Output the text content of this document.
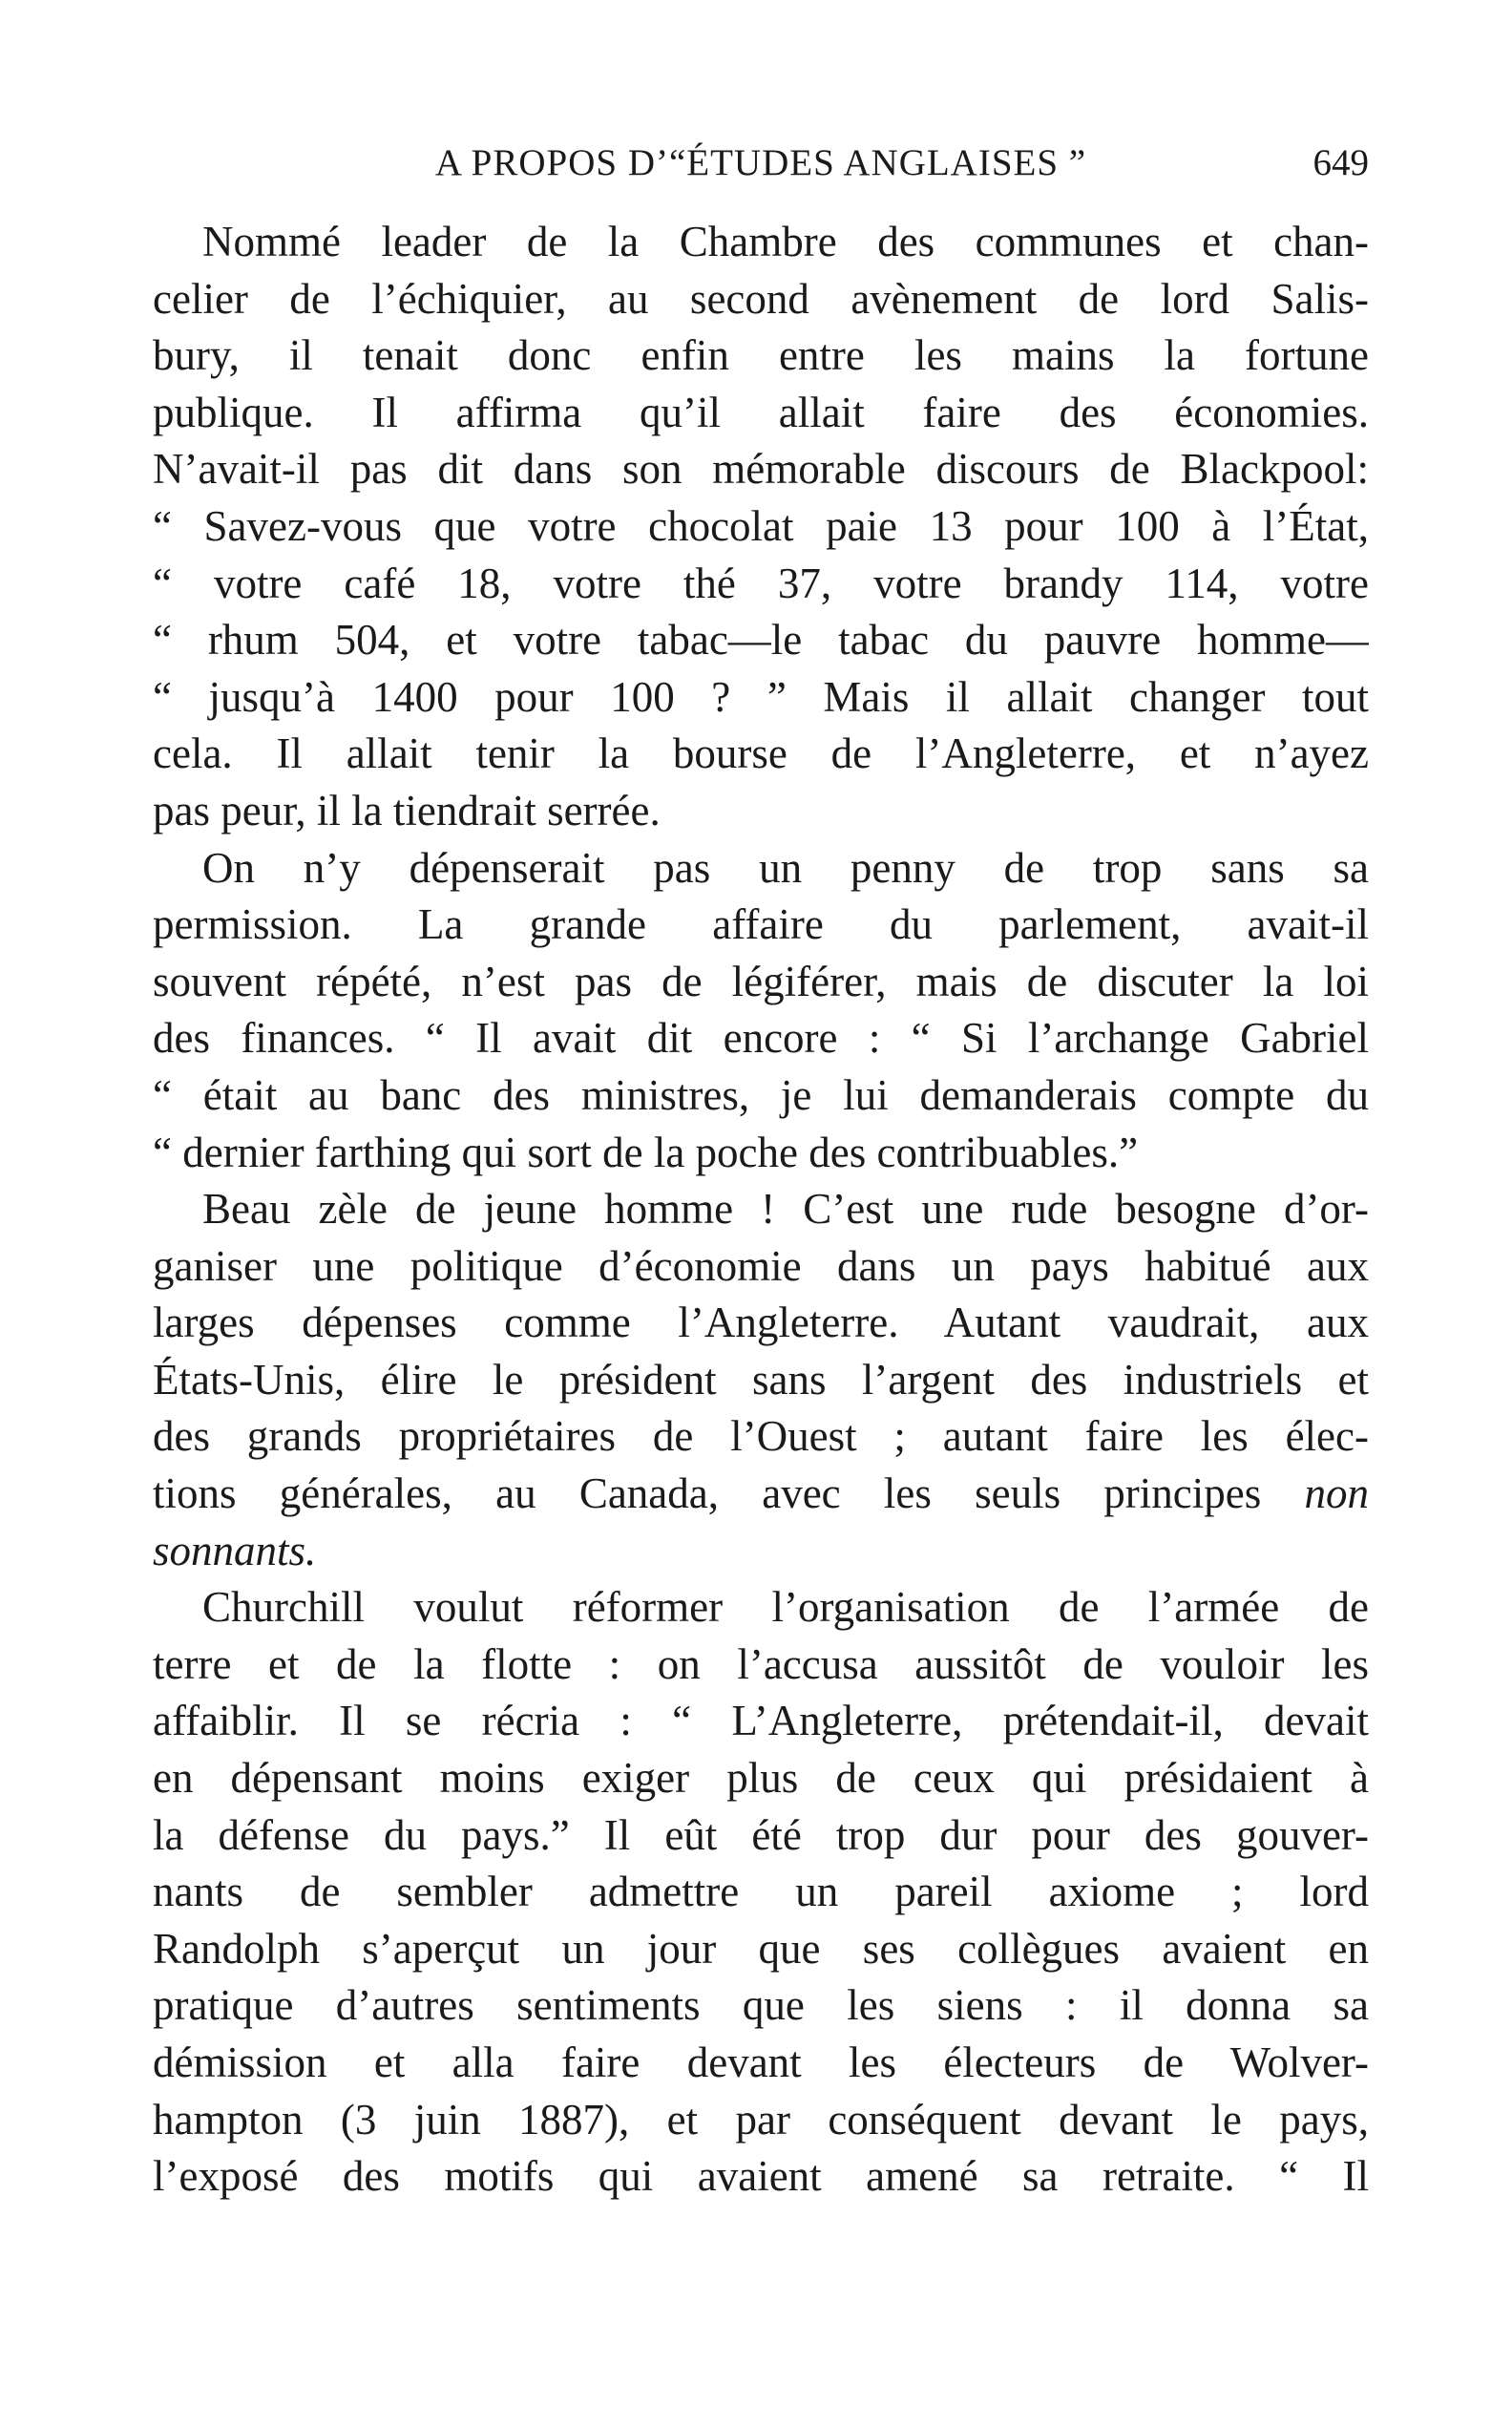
A PROPOS D’“ÉTUDES ANGLAISES ”	649
Nommé leader de la Chambre des communes et chan-
celier de l’échiquier, au second avènement de lord Salis-
bury, il tenait donc enfin entre les mains la fortune
publique. Il affirma qu’il allait faire des économies.
N’avait-il pas dit dans son mémorable discours de Blackpool:
“ Savez-vous que votre chocolat paie 13 pour 100 à l’État,
“ votre café 18, votre thé 37, votre brandy 114, votre
“ rhum 504, et votre tabac—le tabac du pauvre homme—
“ jusqu’à 1400 pour 100 ? ” Mais il allait changer tout
cela. Il allait tenir la bourse de l’Angleterre, et n’ayez
pas peur, il la tiendrait serrée.
On n’y dépenserait pas un penny de trop sans sa
permission. La grande affaire du parlement, avait-il
souvent répété, n’est pas de légiférer, mais de discuter la loi
des finances. “ Il avait dit encore : “ Si l’archange Gabriel
“ était au banc des ministres, je lui demanderais compte du
“ dernier farthing qui sort de la poche des contribuables.”
Beau zèle de jeune homme ! C’est une rude besogne d’or-
ganiser une politique d’économie dans un pays habitué aux
larges dépenses comme l’Angleterre. Autant vaudrait, aux
États-Unis, élire le président sans l’argent des industriels et
des grands propriétaires de l’Ouest ; autant faire les élec-
tions générales, au Canada, avec les seuls principes non
sonnants.
Churchill voulut réformer l’organisation de l’armée de
terre et de la flotte : on l’accusa aussitôt de vouloir les
affaiblir. Il se récria : “ L’Angleterre, prétendait-il, devait
en dépensant moins exiger plus de ceux qui présidaient à
la défense du pays.” Il eût été trop dur pour des gouver-
nants de sembler admettre un pareil axiome ; lord
Randolph s’aperçut un jour que ses collègues avaient en
pratique d’autres sentiments que les siens : il donna sa
démission et alla faire devant les électeurs de Wolver-
hampton (3 juin 1887), et par conséquent devant le pays,
l’exposé des motifs qui avaient amené sa retraite. “ Il
